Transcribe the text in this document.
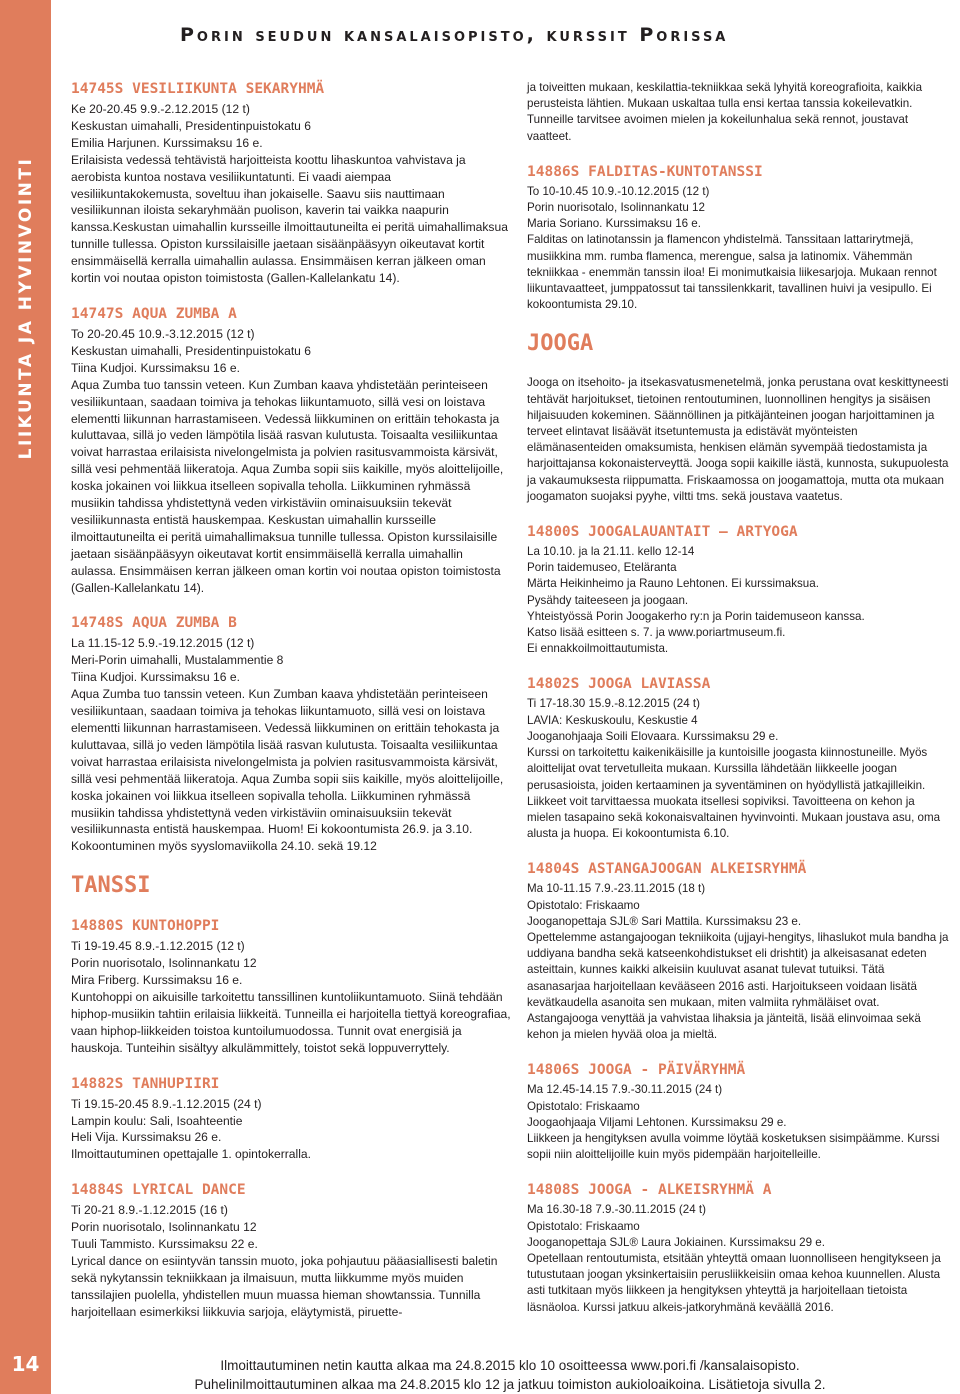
LIIKUNTA JA HYVINVOINTI
14
Porin seudun kansalaisopisto, kurssit Porissa
14745S VESILIIKUNTA SEKARYHMÄ
Ke 20-20.45 9.9.-2.12.2015 (12 t)
Keskustan uimahalli, Presidentinpuistokatu 6
Emilia Harjunen. Kurssimaksu 16 e.

Erilaisista vedessä tehtävistä harjoitteista koottu lihaskuntoa vahvistava ja aerobista kuntoa nostava vesiliikuntatunti. Ei vaadi aiempaa vesiliikuntakokemusta, soveltuu ihan jokaiselle. Saavu siis nauttimaan vesiliikunnan iloista sekaryhmään puolison, kaverin tai vaikka naapurin kanssa.Keskustan uimahallin kursseille ilmoittautuneilta ei peritä uimahallimaksua tunnille tullessa. Opiston kurssilaisille jaetaan sisäänpääsyyn oikeutavat kortit ensimmäisellä kerralla uimahallin aulassa. Ensimmäisen kerran jälkeen oman kortin voi noutaa opiston toimistosta (Gallen-Kallelankatu 14).

14747S AQUA ZUMBA A
To 20-20.45 10.9.-3.12.2015 (12 t)
Keskustan uimahalli, Presidentinpuistokatu 6
Tiina Kudjoi. Kurssimaksu 16 e.

Aqua Zumba tuo tanssin veteen. Kun Zumban kaava yhdistetään perinteiseen vesiliikuntaan, saadaan toimiva ja tehokas liikuntamuoto, sillä vesi on loistava elementti liikunnan harrastamiseen. Vedessä liikkuminen on erittäin tehokasta ja kuluttavaa, sillä jo veden lämpötila lisää rasvan kulutusta. Toisaalta vesiliikuntaa voivat harrastaa erilaisista nivelongelmista ja polvien rasitusvammoista kärsivät, sillä vesi pehmentää liikeratoja. Aqua Zumba sopii siis kaikille, myös aloittelijoille, koska jokainen voi liikkua itselleen sopivalla teholla. Liikkuminen ryhmässä musiikin tahdissa yhdistettynä veden virkistäviin ominaisuuksiin tekevät vesiliikunnasta entistä hauskempaa. Keskustan uimahallin kursseille ilmoittautuneilta ei peritä uimahallimaksua tunnille tullessa. Opiston kurssilaisille jaetaan sisäänpääsyyn oikeutavat kortit ensimmäisellä kerralla uimahallin aulassa. Ensimmäisen kerran jälkeen oman kortin voi noutaa opiston toimistosta (Gallen-Kallelankatu 14).

14748S AQUA ZUMBA B
La 11.15-12 5.9.-19.12.2015 (12 t)
Meri-Porin uimahalli, Mustalammentie 8
Tiina Kudjoi. Kurssimaksu 16 e.

Aqua Zumba tuo tanssin veteen. Kun Zumban kaava yhdistetään perinteiseen vesiliikuntaan, saadaan toimiva ja tehokas liikuntamuoto, sillä vesi on loistava elementti liikunnan harrastamiseen. Vedessä liikkuminen on erittäin tehokasta ja kuluttavaa, sillä jo veden lämpötila lisää rasvan kulutusta. Toisaalta vesiliikuntaa voivat harrastaa erilaisista nivelongelmista ja polvien rasitusvammoista kärsivät, sillä vesi pehmentää liikeratoja. Aqua Zumba sopii siis kaikille, myös aloittelijoille, koska jokainen voi liikkua itselleen sopivalla teholla. Liikkuminen ryhmässä musiikin tahdissa yhdistettynä veden virkistäviin ominaisuuksiin tekevät vesiliikunnasta entistä hauskempaa. Huom! Ei kokoontumista 26.9. ja 3.10. Kokoontuminen myös syyslomaviikolla 24.10. sekä 19.12

TANSSI
14880S KUNTOHOPPI
Ti 19-19.45 8.9.-1.12.2015 (12 t)
Porin nuorisotalo, Isolinnankatu 12
Mira Friberg. Kurssimaksu 16 e.

Kuntohoppi on aikuisille tarkoitettu tanssillinen kuntoliikuntamuoto. Siinä tehdään hiphop-musiikin tahtiin erilaisia liikkeitä. Tunneilla ei harjoitella tiettyä koreografiaa, vaan hiphop-liikkeiden toistoa kuntoilumuodossa. Tunnit ovat energisiä ja hauskoja. Tunteihin sisältyy alkulämmittely, toistot sekä loppuverryttely.

14882S TANHUPIIRI
Ti 19.15-20.45 8.9.-1.12.2015 (24 t)
Lampin koulu: Sali, Isoahteentie
Heli Vija. Kurssimaksu 26 e.
Ilmoittautuminen opettajalle 1. opintokerralla.
14884S LYRICAL DANCE
Ti 20-21 8.9.-1.12.2015 (16 t)
Porin nuorisotalo, Isolinnankatu 12
Tuuli Tammisto. Kurssimaksu 22 e.

Lyrical dance on esiintyvän tanssin muoto, joka pohjautuu pääasiallisesti baletin sekä nykytanssin tekniikkaan ja ilmaisuun, mutta liikkumme myös muiden tanssilajien puolella, yhdistellen muun muassa hieman showtanssia. Tunnilla harjoitellaan esimerkiksi liikkuvia sarjoja, eläytymistä, piruette-

ja toiveitten mukaan, keskilattia-tekniikkaa sekä lyhyitä koreografioita, kaikkia perusteista lähtien. Mukaan uskaltaa tulla ensi kertaa tanssia kokeilevatkin. Tunneille tarvitsee avoimen mielen ja kokeilunhalua sekä rennot, joustavat vaatteet.

14886S FALDITAS-KUNTOTANSSI
To 10-10.45 10.9.-10.12.2015 (12 t)
Porin nuorisotalo, Isolinnankatu 12
Maria Soriano. Kurssimaksu 16 e.

Falditas on latinotanssin ja flamencon yhdistelmä. Tanssitaan lattarirytmejä, musiikkina mm. rumba flamenca, merengue, salsa ja latinomix. Vähemmän tekniikkaa - enemmän tanssin iloa! Ei monimutkaisia liikesarjoja. Mukaan rennot liikuntavaatteet, jumppatossut tai tanssilenkkarit, tavallinen huivi ja vesipullo. Ei kokoontumista 29.10.

JOOGA

Jooga on itsehoito- ja itsekasvatusmenetelmä, jonka perustana ovat keskittyneesti tehtävät harjoitukset, tietoinen rentoutuminen, luonnollinen hengitys ja sisäisen hiljaisuuden kokeminen. Säännöllinen ja pitkäjänteinen joogan harjoittaminen ja terveet elintavat lisäävät itsetuntemusta ja edistävät myönteisten elämänasenteiden omaksumista, henkisen elämän syvempää tiedostamista ja harjoittajansa kokonaisterveyttä. Jooga sopii kaikille iästä, kunnosta, sukupuolesta ja vakaumuksesta riippumatta. Friskaamossa on joogamattoja, mutta ota mukaan joogamaton suojaksi pyyhe, viltti tms. sekä joustava vaatetus.

14800S JOOGALAUANTAIT – ARTYOGA
La 10.10. ja la 21.11. kello 12-14
Porin taidemuseo, Eteläranta
Märta Heikinheimo ja Rauno Lehtonen. Ei kurssimaksua.
Pysähdy taiteeseen ja joogaan.
Yhteistyössä Porin Joogakerho ry:n ja Porin taidemuseon kanssa.
Katso lisää esitteen s. 7. ja www.poriartmuseum.fi.
Ei ennakkoilmoittautumista.
14802S JOOGA LAVIASSA
Ti 17-18.30 15.9.-8.12.2015 (24 t)
LAVIA: Keskuskoulu, Keskustie 4
Jooganohjaaja Soili Elovaara. Kurssimaksu 29 e.

Kurssi on tarkoitettu kaikenikäisille ja kuntoisille joogasta kiinnostuneille. Myös aloittelijat ovat tervetulleita mukaan. Kurssilla lähdetään liikkeelle joogan perusasioista, joiden kertaaminen ja syventäminen on hyödyllistä jatkajilleikin. Liikkeet voit tarvittaessa muokata itsellesi sopiviksi. Tavoitteena on kehon ja mielen tasapaino sekä kokonaisvaltainen hyvinvointi. Mukaan joustava asu, oma alusta ja huopa. Ei kokoontumista 6.10.

14804S ASTANGAJOOGAN ALKEISRYHMÄ
Ma 10-11.15 7.9.-23.11.2015 (18 t)
Opistotalo: Friskaamo
Jooganopettaja SJL® Sari Mattila. Kurssimaksu 23 e.

Opettelemme astangajoogan tekniikoita (ujjayi-hengitys, lihaslukot mula bandha ja uddiyana bandha sekä katseenkohdistukset eli drishtit) ja alkeisasanat edeten asteittain, kunnes kaikki alkeisiin kuuluvat asanat tulevat tutuiksi. Tätä asanasarjaa harjoitellaan kevääseen 2016 asti. Harjoitukseen voidaan lisätä kevätkaudella asanoita sen mukaan, miten valmiita ryhmäläiset ovat. Astangajooga venyttää ja vahvistaa lihaksia ja jänteitä, lisää elinvoimaa sekä kehon ja mielen hyvää oloa ja mieltä.

14806S JOOGA - PÄIVÄRYHMÄ
Ma 12.45-14.15 7.9.-30.11.2015 (24 t)
Opistotalo: Friskaamo
Joogaohjaaja Viljami Lehtonen. Kurssimaksu 29 e.

Liikkeen ja hengityksen avulla voimme löytää kosketuksen sisimpäämme. Kurssi sopii niin aloittelijoille kuin myös pidempään harjoitelleille.

14808S JOOGA - ALKEISRYHMÄ A
Ma 16.30-18 7.9.-30.11.2015 (24 t)
Opistotalo: Friskaamo
Jooganopettaja SJL® Laura Jokiainen. Kurssimaksu 29 e.

Opetellaan rentoutumista, etsitään yhteyttä omaan luonnolliseen hengitykseen ja tutustutaan joogan yksinkertaisiin perusliikkeisiin omaa kehoa kuunnellen. Alusta asti tutkitaan myös liikkeen ja hengityksen yhteyttä ja harjoitellaan tietoista läsnäoloa. Kurssi jatkuu alkeis-jatkoryhmänä keväällä 2016.

Ilmoittautuminen netin kautta alkaa ma 24.8.2015 klo 10 osoitteessa www.pori.fi /kansalaisopisto.
Puhelinilmoittautuminen alkaa ma 24.8.2015 klo 12 ja jatkuu toimiston aukioloaikoina. Lisätietoja sivulla 2.
